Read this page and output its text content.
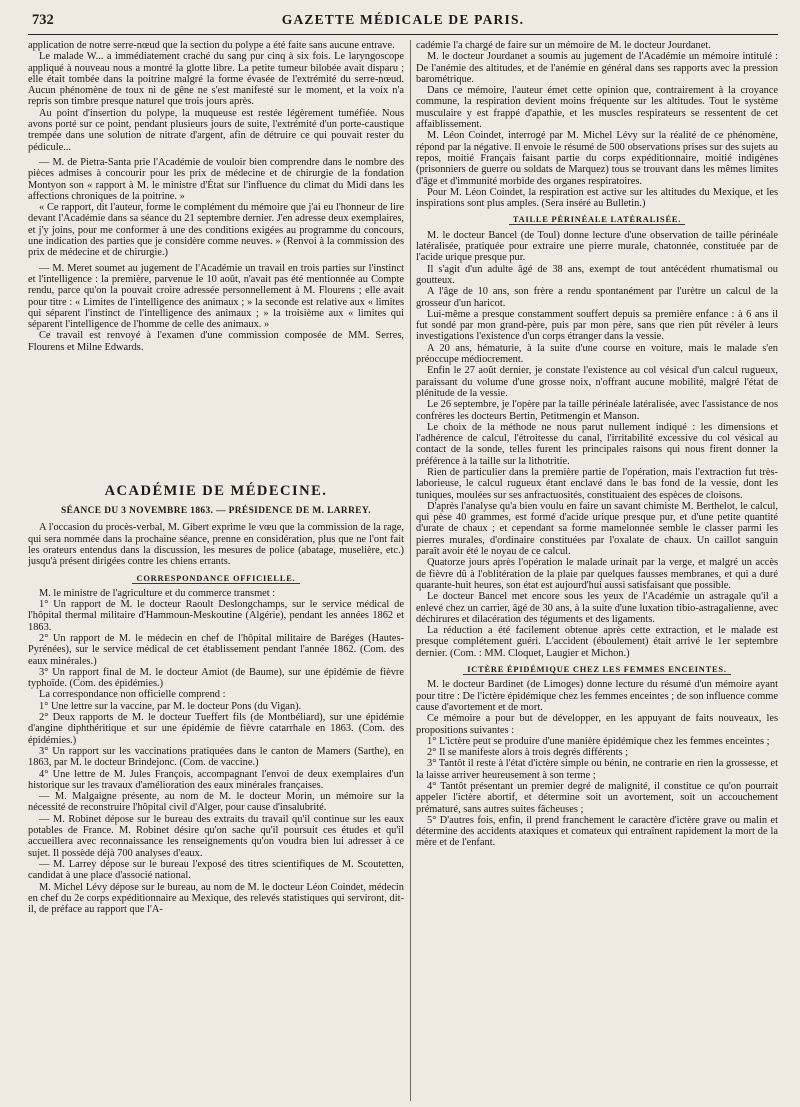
732	GAZETTE MÉDICALE DE PARIS.

application de notre serre-nœud que la section du polype a été faite sans aucune entrave.

Le malade W... a immédiatement craché du sang pur cinq à six fois. Le laryngoscope appliqué à nouveau nous a montré la glotte libre. La petite tumeur bilobée avait disparu ; elle était tombée dans la poitrine malgré la forme évasée de l'extrémité du serre-nœud. Aucun phénomène de toux ni de gêne ne s'est manifesté sur le moment, et la voix n'a repris son timbre presque naturel que trois jours après.

Au point d'insertion du polype, la muqueuse est restée légèrement tuméfiée. Nous avons porté sur ce point, pendant plusieurs jours de suite, l'extrémité d'un porte-caustique trempée dans une solution de nitrate d'argent, afin de détruire ce qui pouvait rester du pédicule...

— M. de Pietra-Santa prie l'Académie de vouloir bien comprendre dans le nombre des pièces admises à concourir pour les prix de médecine et de chirurgie de la fondation Montyon son « rapport à M. le ministre d'État sur l'influence du climat du Midi dans les affections chroniques de la poitrine. »

« Ce rapport, dit l'auteur, forme le complément du mémoire que j'ai eu l'honneur de lire devant l'Académie dans sa séance du 21 septembre dernier. J'en adresse deux exemplaires, et j'y joins, pour me conformer à une des conditions exigées au programme du concours, une indication des parties que je considère comme neuves. » (Renvoi à la commission des prix de médecine et de chirurgie.)

— M. Meret soumet au jugement de l'Académie un travail en trois parties sur l'instinct et l'intelligence : la première, parvenue le 10 août, n'avait pas été mentionnée au Compte rendu, parce qu'on la pouvait croire adressée personnellement à M. Flourens ; elle avait pour titre : « Limites de l'intelligence des animaux ; » la seconde est relative aux « limites qui séparent l'instinct de l'intelligence des animaux ; » la troisième aux « limites qui séparent l'intelligence de l'homme de celle des animaux. »

Ce travail est renvoyé à l'examen d'une commission composée de MM. Serres, Flourens et Milne Edwards.

ACADÉMIE DE MÉDECINE.
SÉANCE DU 3 NOVEMBRE 1863. — PRÉSIDENCE DE M. LARREY.

A l'occasion du procès-verbal, M. Gibert exprime le vœu que la commission de la rage, qui sera nommée dans la prochaine séance, prenne en considération, plus que ne l'ont fait les orateurs entendus dans la discussion, les mesures de police (abatage, muselière, etc.) jusqu'à présent dirigées contre les chiens errants.

CORRESPONDANCE OFFICIELLE.

M. le ministre de l'agriculture et du commerce transmet :

1° Un rapport de M. le docteur Raoult Deslongchamps, sur le service médical de l'hôpital thermal militaire d'Hammoun-Meskoutine (Algérie), pendant les années 1862 et 1863.

2° Un rapport de M. le médecin en chef de l'hôpital militaire de Baréges (Hautes-Pyrénées), sur le service médical de cet établissement pendant l'année 1862. (Com. des eaux minérales.)

3° Un rapport final de M. le docteur Amiot (de Baume), sur une épidémie de fièvre typhoïde. (Com. des épidémies.)

La correspondance non officielle comprend :

1° Une lettre sur la vaccine, par M. le docteur Pons (du Vigan).

2° Deux rapports de M. le docteur Tueffert fils (de Montbéliard), sur une épidémie d'angine diphthéritique et sur une épidémie de fièvre catarrhale en 1863. (Com. des épidémies.)

3° Un rapport sur les vaccinations pratiquées dans le canton de Mamers (Sarthe), en 1863, par M. le docteur Brindejonc. (Com. de vaccine.)

4° Une lettre de M. Jules François, accompagnant l'envoi de deux exemplaires d'un historique sur les travaux d'amélioration des eaux minérales françaises.

— M. Malgaigne présente, au nom de M. le docteur Morin, un mémoire sur la nécessité de reconstruire l'hôpital civil d'Alger, pour cause d'insalubrité.

— M. Robinet dépose sur le bureau des extraits du travail qu'il continue sur les eaux potables de France. M. Robinet désire qu'on sache qu'il poursuit ces études et qu'il accueillera avec reconnaissance les renseignements qu'on voudra bien lui adresser à ce sujet. Il possède déjà 700 analyses d'eaux.

— M. Larrey dépose sur le bureau l'exposé des titres scientifiques de M. Scoutetten, candidat à une place d'associé national.

M. Michel Lévy dépose sur le bureau, au nom de M. le docteur Léon Coindet, médecin en chef du 2e corps expéditionnaire au Mexique, des relevés statistiques qui serviront, dit-il, de préface au rapport que l'A-

cadémie l'a chargé de faire sur un mémoire de M. le docteur Jourdanet.

M. le docteur Jourdanet a soumis au jugement de l'Académie un mémoire intitulé : De l'anémie des altitudes, et de l'anémie en général dans ses rapports avec la pression barométrique.

Dans ce mémoire, l'auteur émet cette opinion que, contrairement à la croyance commune, la respiration devient moins fréquente sur les altitudes. Tout le système musculaire y est frappé d'apathie, et les muscles respirateurs se ressentent de cet affaiblissement.

M. Léon Coindet, interrogé par M. Michel Lévy sur la réalité de ce phénomène, répond par la négative. Il envoie le résumé de 500 observations prises sur des sujets au repos, moitié Français faisant partie du corps expéditionnaire, moitié indigènes (prisonniers de guerre ou soldats de Marquez) tous se trouvant dans les mêmes limites d'âge et d'immunité morbide des organes respiratoires.

Pour M. Léon Coindet, la respiration est active sur les altitudes du Mexique, et les inspirations sont plus amples. (Sera inséré au Bulletin.)

TAILLE PÉRINÉALE LATÉRALISÉE.

M. le docteur Bancel (de Toul) donne lecture d'une observation de taille périnéale latéralisée, pratiquée pour extraire une pierre murale, chatonnée, constituée par de l'acide urique presque pur.

Il s'agit d'un adulte âgé de 38 ans, exempt de tout antécédent rhumatismal ou goutteux.

A l'âge de 10 ans, son frère a rendu spontanément par l'urètre un calcul de la grosseur d'un haricot.

Lui-même a presque constamment souffert depuis sa première enfance : à 6 ans il fut sondé par mon grand-père, puis par mon père, sans que rien pût révéler à leurs investigations l'existence d'un corps étranger dans la vessie.

A 20 ans, hématurie, à la suite d'une course en voiture, mais le malade s'en préoccupe médiocrement.

Enfin le 27 août dernier, je constate l'existence au col vésical d'un calcul rugueux, paraissant du volume d'une grosse noix, n'offrant aucune mobilité, malgré l'état de plénitude de la vessie.

Le 26 septembre, je l'opère par la taille périnéale latéralisée, avec l'assistance de nos confrères les docteurs Bertin, Petitmengin et Manson.

Le choix de la méthode ne nous parut nullement indiqué : les dimensions et l'adhérence de calcul, l'étroitesse du canal, l'irritabilité excessive du col vésical au contact de la sonde, telles furent les principales raisons qui nous firent donner la préférence à la taille sur la lithotritie.

Rien de particulier dans la première partie de l'opération, mais l'extraction fut très-laborieuse, le calcul rugueux étant enclavé dans le bas fond de la vessie, dont les tuniques, moulées sur ses anfractuosités, constituaient des espèces de cloisons.

D'après l'analyse qu'a bien voulu en faire un savant chimiste M. Berthelot, le calcul, qui pèse 40 grammes, est formé d'acide urique presque pur, et d'une petite quantité d'urate de chaux ; et cependant sa forme mamelonnée semble le classer parmi les pierres murales, d'ordinaire constituées par l'oxalate de chaux. Un caillot sanguin paraît avoir été le noyau de ce calcul.

Quatorze jours après l'opération le malade urinait par la verge, et malgré un accès de fièvre dû à l'oblitération de la plaie par quelques fausses membranes, et qui a duré quarante-huit heures, son état est aujourd'hui aussi satisfaisant que possible.

Le docteur Bancel met encore sous les yeux de l'Académie un astragale qu'il a enlevé chez un carrier, âgé de 30 ans, à la suite d'une luxation tibio-astragalienne, avec déchirures et dilacération des téguments et des ligaments.

La réduction a été facilement obtenue après cette extraction, et le malade est presque complétement guéri. L'accident (éboulement) était arrivé le 1er septembre dernier. (Com. : MM. Cloquet, Laugier et Michon.)

ICTÈRE ÉPIDÉMIQUE CHEZ LES FEMMES ENCEINTES.

M. le docteur Bardinet (de Limoges) donne lecture du résumé d'un mémoire ayant pour titre : De l'ictère épidémique chez les femmes enceintes ; de son influence comme cause d'avortement et de mort.

Ce mémoire a pour but de développer, en les appuyant de faits nouveaux, les propositions suivantes :

1° L'ictère peut se produire d'une manière épidémique chez les femmes enceintes ;

2° Il se manifeste alors à trois degrés différents ;

3° Tantôt il reste à l'état d'ictère simple ou bénin, ne contrarie en rien la grossesse, et la laisse arriver heureusement à son terme ;

4° Tantôt présentant un premier degré de malignité, il constitue ce qu'on pourrait appeler l'ictère abortif, et détermine soit un avortement, soit un accouchement prématuré, sans autres suites fâcheuses ;

5° D'autres fois, enfin, il prend franchement le caractère d'ictère grave ou malin et détermine des accidents ataxiques et comateux qui entraînent rapidement la mort de la mère et de l'enfant.
